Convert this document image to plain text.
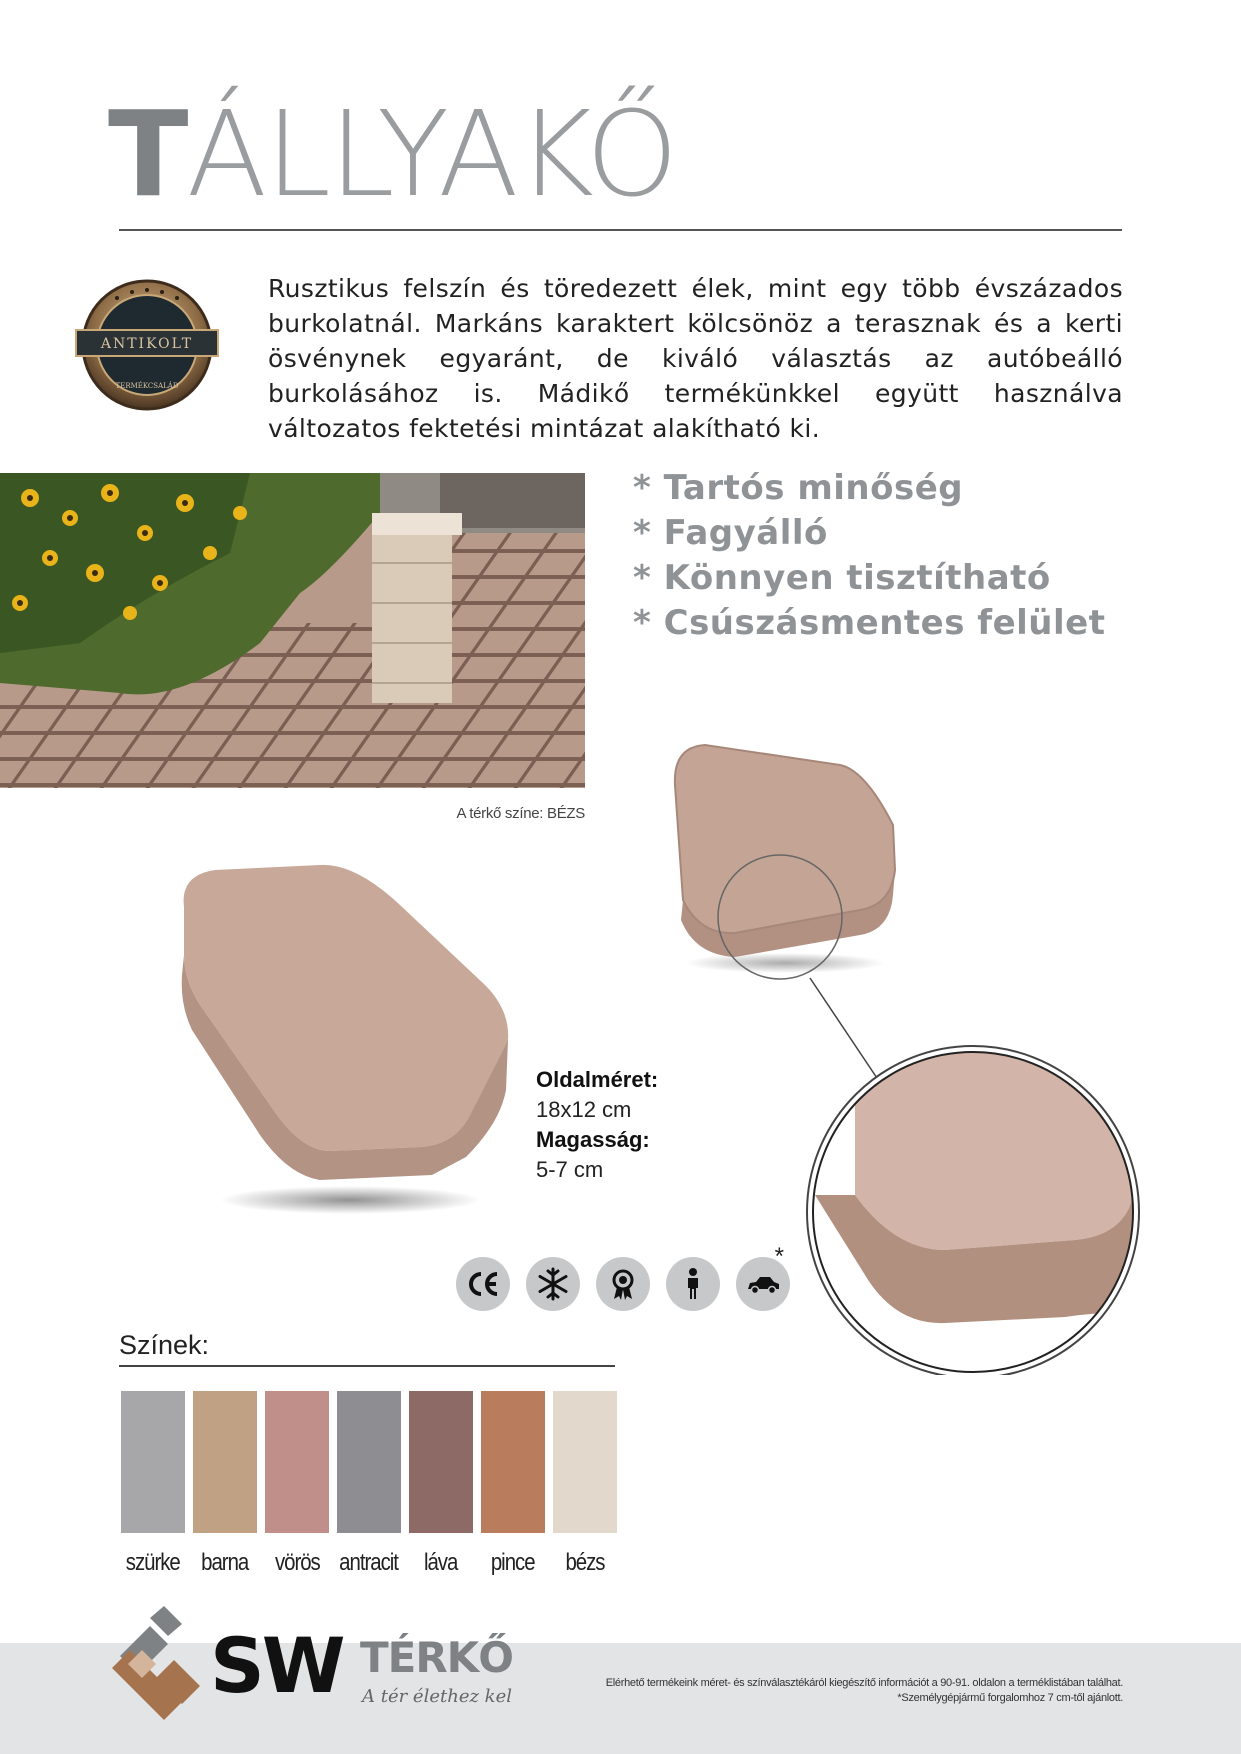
TÁLLYAKŐ
ANTIKOLT
TERMÉKCSALÁD
Rusztikus felszín és töredezett élek, mint egy több évszázados burkolatnál. Markáns karaktert kölcsönöz a terasznak és a kerti ösvénynek egyaránt, de kiváló választás az autóbeálló burkolásához is. Mádikő termékünkkel együtt használva változatos fektetési mintázat alakítható ki.
A térkő színe: BÉZS
* Tartós minőség
* Fagyálló
* Könnyen tisztítható
* Csúszásmentes felület
Oldalméret:
18x12 cm
Magasság:
5-7 cm
*
Színek:
szürke barna vörös antracit láva pince bézs
SW TÉRKŐ
A tér élethez kel
Elérhető termékeink méret- és színválasztékáról kiegészítő információt a 90-91. oldalon a terméklistában találhat.
*Személygépjármű forgalomhoz 7 cm-től ajánlott.
